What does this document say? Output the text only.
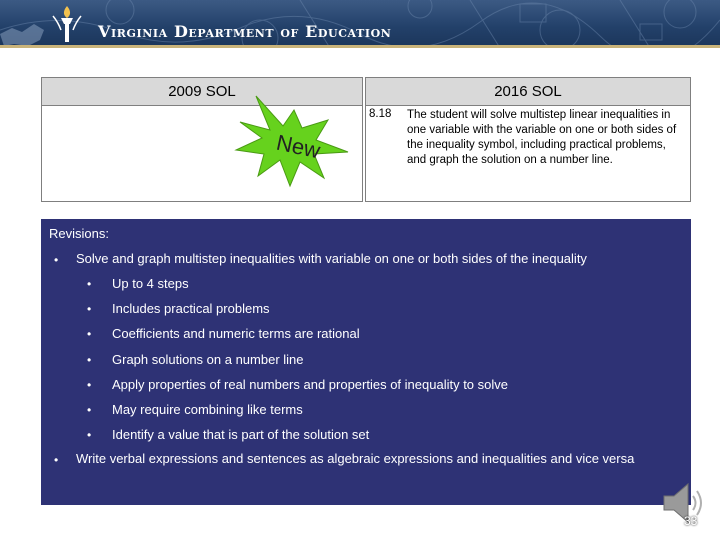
Virginia Department of Education
2009 SOL	2016 SOL
8.18 The student will solve multistep linear inequalities in one variable with the variable on one or both sides of the inequality symbol, including practical problems, and graph the solution on a number line.
New
Revisions:
• Solve and graph multistep inequalities with variable on one or both sides of the inequality
• Up to 4 steps
• Includes practical problems
• Coefficients and numeric terms are rational
• Graph solutions on a number line
• Apply properties of real numbers and properties of inequality to solve
• May require combining like terms
• Identify a value that is part of the solution set
• Write verbal expressions and sentences as algebraic expressions and inequalities and vice versa
33
